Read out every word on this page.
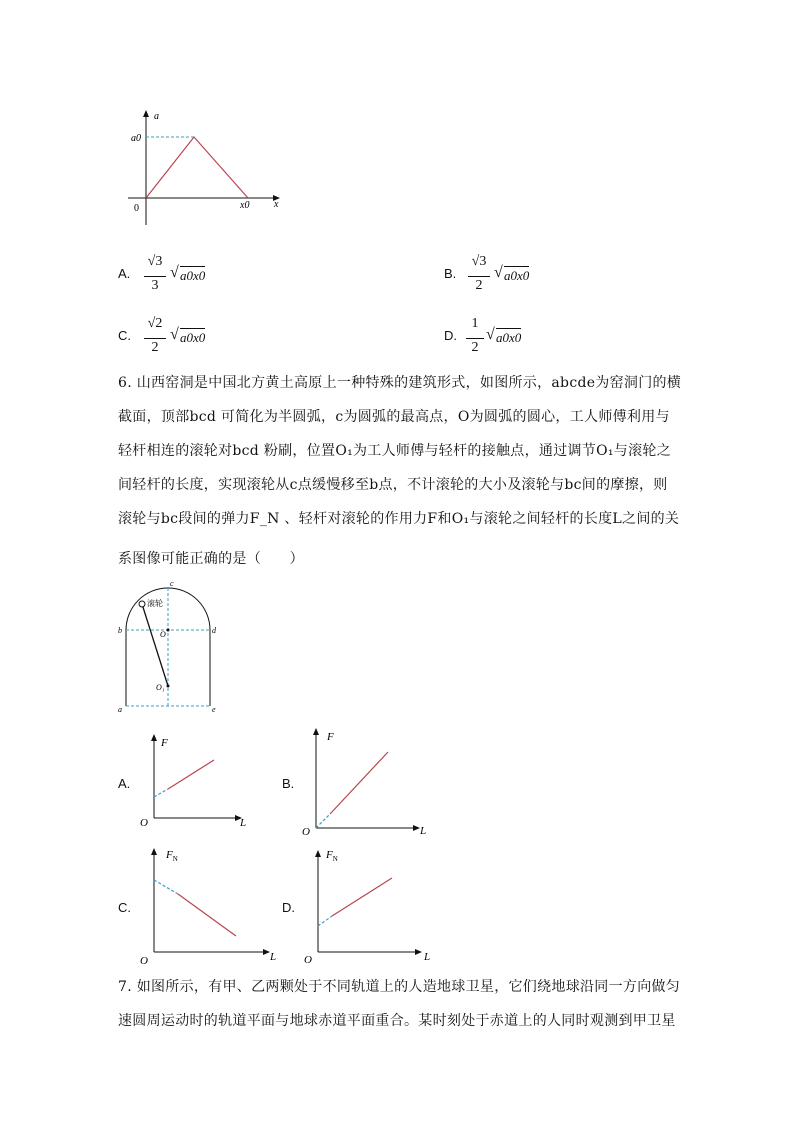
a
x
a0
0	x0
A.
√3
3
√ a0x0	B.
√3
2
√ a0x0
C.
√2
2
√ a0x0	D.
1
2
√ a0x0
6. 山西窑洞是中国北方黄土高原上一种特殊的建筑形式，如图所示，abcde为窑洞门的横
截面，顶部bcd 可简化为半圆弧，c为圆弧的最高点，O为圆弧的圆心，工人师傅利用与
轻杆相连的滚轮对bcd 粉刷，位置O₁为工人师傅与轻杆的接触点，通过调节O₁与滚轮之
间轻杆的长度，实现滚轮从c点缓慢移至b点，不计滚轮的大小及滚轮与bc间的摩擦，则
滚轮与bc段间的弹力F_N 、轻杆对滚轮的作用力F和O₁与滚轮之间轻杆的长度L之间的关
系图像可能正确的是（　　）
c
b	d
a	e
O
O₁
滚轮
A.
F
L
O
B.
F
L
O
C.
$F_N$
L
O
D.
$F_N$
L
O
7. 如图所示，有甲、乙两颗处于不同轨道上的人造地球卫星，它们绕地球沿同一方向做匀
速圆周运动时的轨道平面与地球赤道平面重合。某时刻处于赤道上的人同时观测到甲卫星
